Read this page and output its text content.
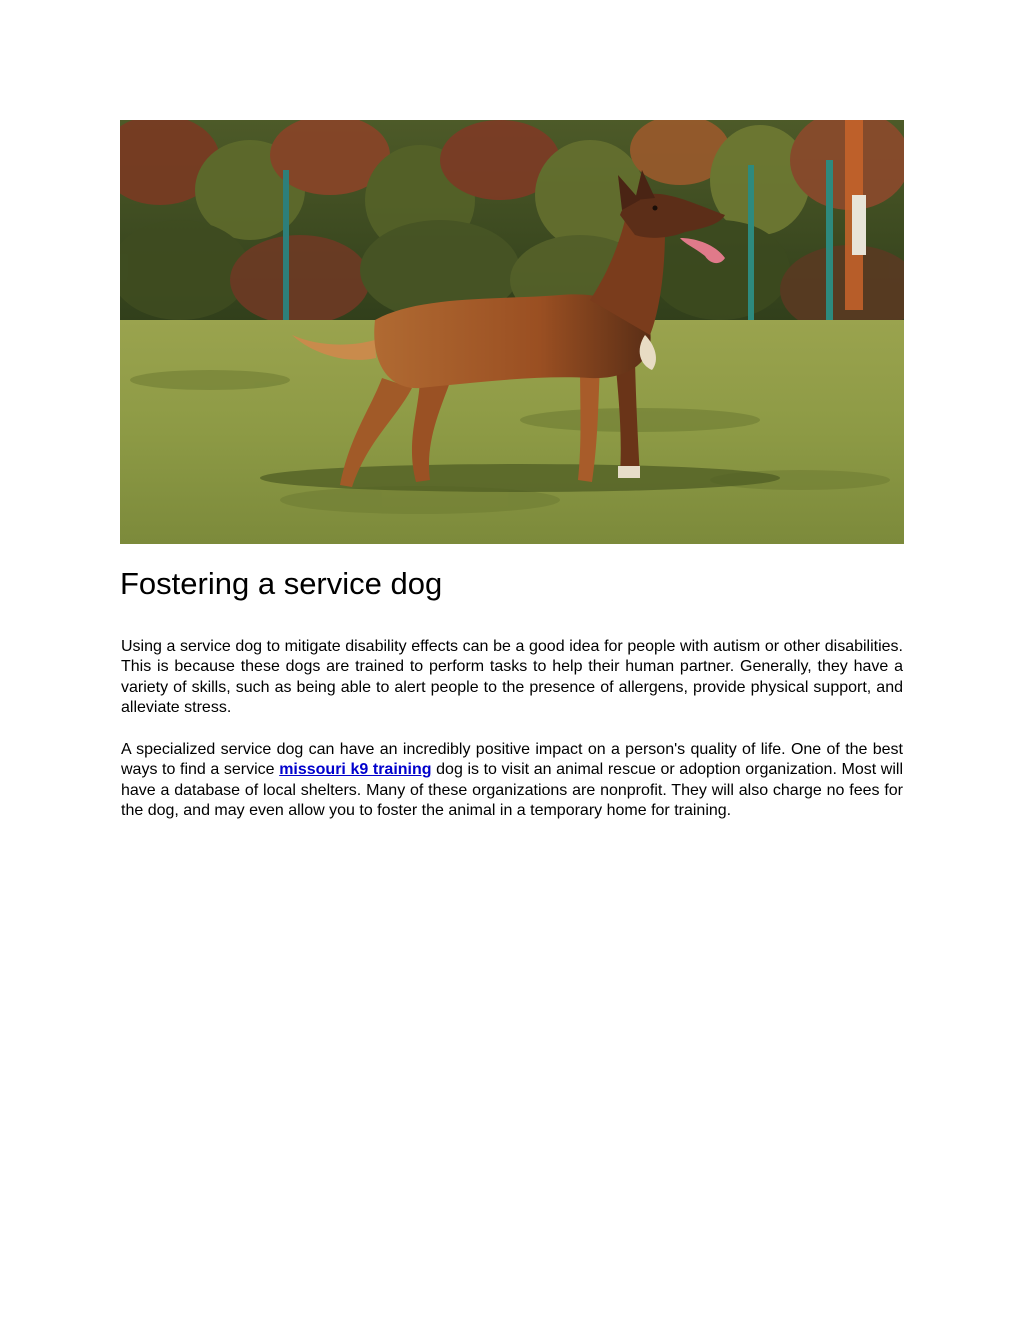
Fostering a service dog

Using a service dog to mitigate disability effects can be a good idea for people with autism or other disabilities. This is because these dogs are trained to perform tasks to help their human partner. Generally, they have a variety of skills, such as being able to alert people to the presence of allergens, provide physical support, and alleviate stress.

A specialized service dog can have an incredibly positive impact on a person's quality of life. One of the best ways to find a service missouri k9 training dog is to visit an animal rescue or adoption organization. Most will have a database of local shelters. Many of these organizations are nonprofit. They will also charge no fees for the dog, and may even allow you to foster the animal in a temporary home for training.
